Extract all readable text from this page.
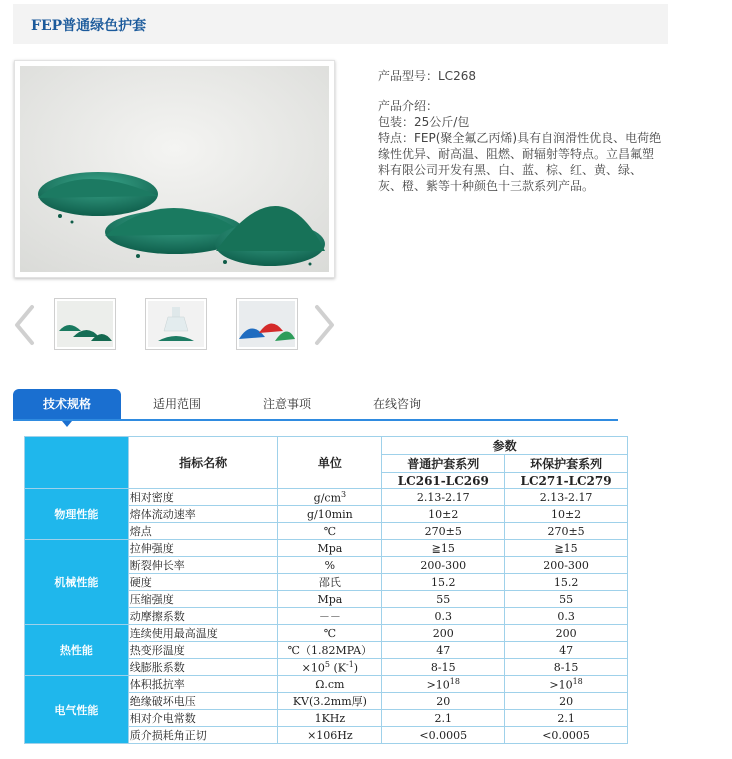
FEP普通绿色护套
产品型号：LC268
产品介绍：
包装：25公斤/包
特点：FEP(聚全氟乙丙烯)具有自润滑性优良、电荷绝缘性优异、耐高温、阻燃、耐辐射等特点。立昌氟塑料有限公司开发有黑、白、蓝、棕、红、黄、绿、灰、橙、紫等十种颜色十三款系列产品。
技术规格	适用范围	注意事项	在线咨询
	指标名称	单位	参数	
			普通护套系列	环保护套系列
			LC261-LC269	LC271-LC279
物理性能	相对密度	$g/cm^3$	2.13-2.17	2.13-2.17
	熔体流动速率	g/10min	10±2	10±2
	熔点	℃	270±5	270±5
机械性能	拉伸强度	Mpa	≧15	≧15
	断裂伸长率	%	200-300	200-300
	硬度	邵氏	15.2	15.2
	压缩强度	Mpa	55	55
	动摩擦系数	－－	0.3	0.3
热性能	连续使用最高温度	℃	200	200
	热变形温度	℃（1.82MPA）	47	47
	线膨胀系数	$\times 10^5$ $(K^{-1})$	8-15	8-15
电气性能	体积抵抗率	Ω.cm	$>10^{18}$	$>10^{18}$
	绝缘破坏电压	KV(3.2mm厚)	20	20
	相对介电常数	1KHz	2.1	2.1
	质介损耗角正切	×106Hz	<0.0005	<0.0005
